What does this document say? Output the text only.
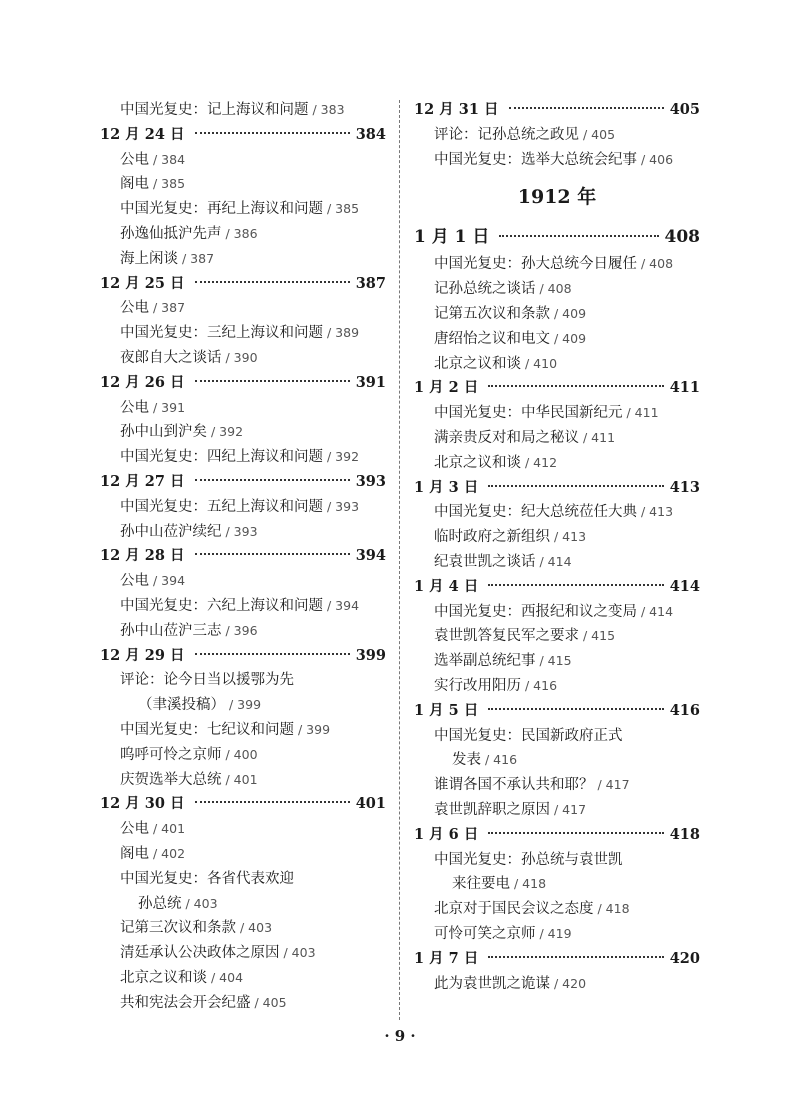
中国光复史：记上海议和问题 / 383
12 月 24 日	384
公电 / 384
阁电 / 385
中国光复史：再纪上海议和问题 / 385
孙逸仙抵沪先声 / 386
海上闲谈 / 387
12 月 25 日	387
公电 / 387
中国光复史：三纪上海议和问题 / 389
夜郎自大之谈话 / 390
12 月 26 日	391
公电 / 391
孙中山到沪矣 / 392
中国光复史：四纪上海议和问题 / 392
12 月 27 日	393
中国光复史：五纪上海议和问题 / 393
孙中山莅沪续纪 / 393
12 月 28 日	394
公电 / 394
中国光复史：六纪上海议和问题 / 394
孙中山莅沪三志 / 396
12 月 29 日	399
评论：论今日当以援鄂为先
（聿溪投稿） / 399
中国光复史：七纪议和问题 / 399
呜呼可怜之京师 / 400
庆贺选举大总统 / 401
12 月 30 日	401
公电 / 401
阁电 / 402
中国光复史：各省代表欢迎
孙总统 / 403
记第三次议和条款 / 403
清廷承认公决政体之原因 / 403
北京之议和谈 / 404
共和宪法会开会纪盛 / 405
12 月 31 日	405
评论：记孙总统之政见 / 405
中国光复史：选举大总统会纪事 / 406
1912 年
1 月 1 日	408
中国光复史：孙大总统今日履任 / 408
记孙总统之谈话 / 408
记第五次议和条款 / 409
唐绍怡之议和电文 / 409
北京之议和谈 / 410
1 月 2 日	411
中国光复史：中华民国新纪元 / 411
满亲贵反对和局之秘议 / 411
北京之议和谈 / 412
1 月 3 日	413
中国光复史：纪大总统莅任大典 / 413
临时政府之新组织 / 413
纪袁世凯之谈话 / 414
1 月 4 日	414
中国光复史：西报纪和议之变局 / 414
袁世凯答复民军之要求 / 415
选举副总统纪事 / 415
实行改用阳历 / 416
1 月 5 日	416
中国光复史：民国新政府正式
发表 / 416
谁谓各国不承认共和耶？ / 417
袁世凯辞职之原因 / 417
1 月 6 日	418
中国光复史：孙总统与袁世凯
来往要电 / 418
北京对于国民会议之态度 / 418
可怜可笑之京师 / 419
1 月 7 日	420
此为袁世凯之诡谋 / 420
· 9 ·
